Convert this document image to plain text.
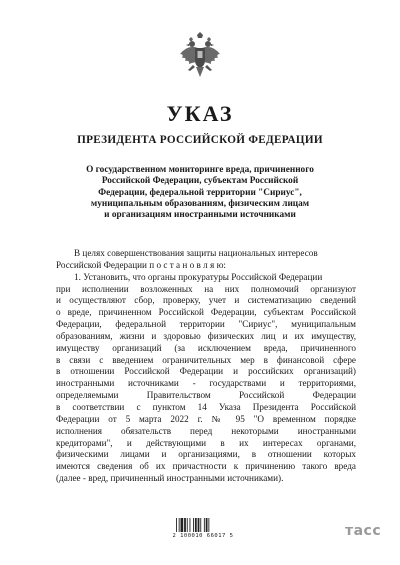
УКАЗ
ПРЕЗИДЕНТА РОССИЙСКОЙ ФЕДЕРАЦИИ
О государственном мониторинге вреда, причиненного
Российской Федерации, субъектам Российской
Федерации, федеральной территории "Сириус",
муниципальным образованиям, физическим лицам
и организациям иностранными источниками
В целях совершенствования защиты национальных интересов
Российской Федерации п о с т а н о в л я ю:
1. Установить, что органы прокуратуры Российской Федерации
при исполнении возложенных на них полномочий организуют
и осуществляют сбор, проверку, учет и систематизацию сведений
о вреде, причиненном Российской Федерации, субъектам Российской
Федерации, федеральной территории "Сириус", муниципальным
образованиям, жизни и здоровью физических лиц и их имуществу,
имуществу организаций (за исключением вреда, причиненного
в связи с введением ограничительных мер в финансовой сфере
в отношении Российской Федерации и российских организаций)
иностранными источниками - государствами и территориями,
определяемыми Правительством Российской Федерации
в соответствии с пунктом 14 Указа Президента Российской
Федерации от 5 марта 2022 г. № 95 "О временном порядке
исполнения обязательств перед некоторыми иностранными
кредиторами", и действующими в их интересах органами,
физическими лицами и организациями, в отношении которых
имеются сведения об их причастности к причинению такого вреда
(далее - вред, причиненный иностранными источниками).
2 100010 66017 5	тасс
